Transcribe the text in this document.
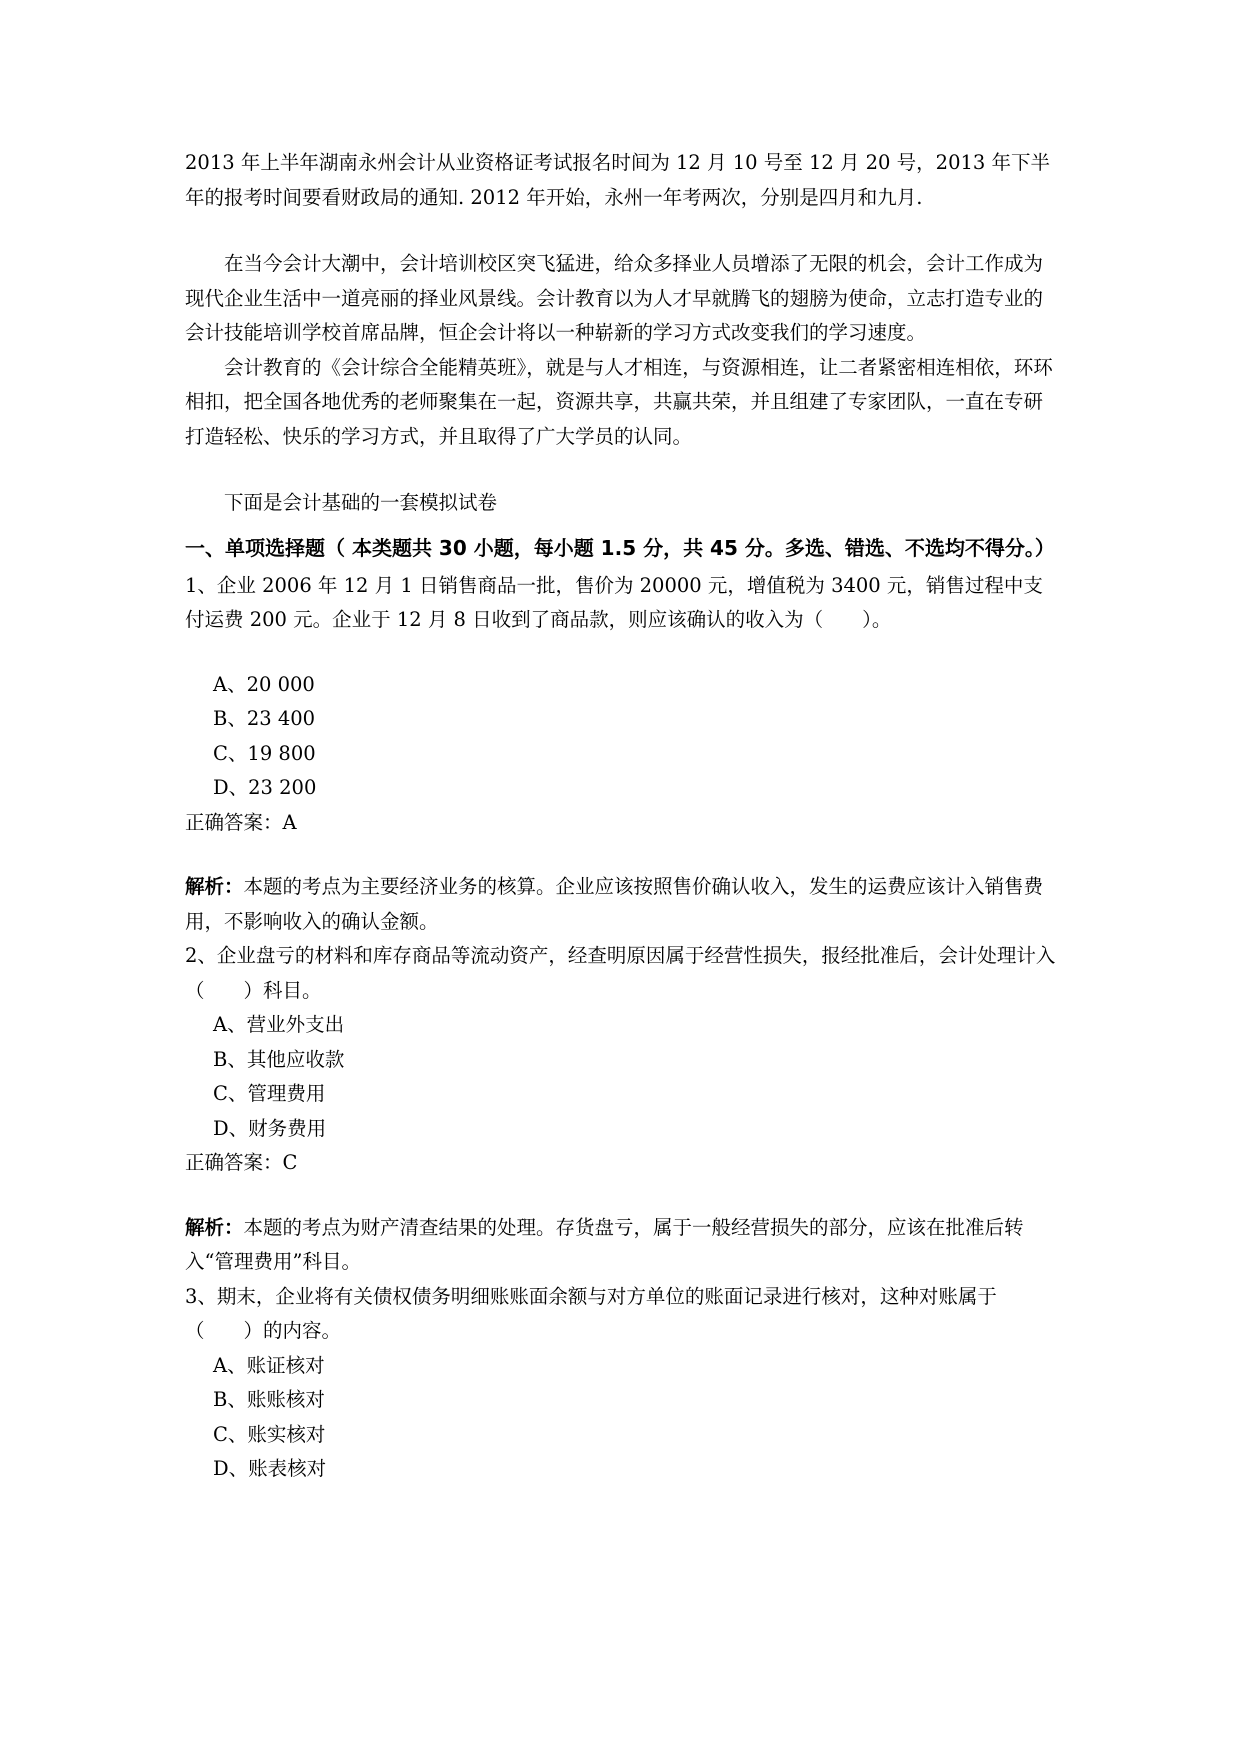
2013 年上半年湖南永州会计从业资格证考试报名时间为 12 月 10 号至 12 月 20 号，2013 年下半年的报考时间要看财政局的通知. 2012 年开始，永州一年考两次，分别是四月和九月.

在当今会计大潮中，会计培训校区突飞猛进，给众多择业人员增添了无限的机会，会计工作成为现代企业生活中一道亮丽的择业风景线。会计教育以为人才早就腾飞的翅膀为使命，立志打造专业的会计技能培训学校首席品牌，恒企会计将以一种崭新的学习方式改变我们的学习速度。

会计教育的《会计综合全能精英班》，就是与人才相连，与资源相连，让二者紧密相连相依，环环相扣，把全国各地优秀的老师聚集在一起，资源共享，共赢共荣，并且组建了专家团队，一直在专研打造轻松、快乐的学习方式，并且取得了广大学员的认同。

下面是会计基础的一套模拟试卷

一、单项选择题（ 本类题共 30 小题，每小题 1.5 分，共 45 分。多选、错选、不选均不得分。）

1、企业 2006 年 12 月 1 日销售商品一批，售价为 20000 元，增值税为 3400 元，销售过程中支付运费 200 元。企业于 12 月 8 日收到了商品款，则应该确认的收入为（　　）。

A、20 000

B、23 400

C、19 800

D、23 200

正确答案：A

解析：本题的考点为主要经济业务的核算。企业应该按照售价确认收入，发生的运费应该计入销售费用，不影响收入的确认金额。

2、企业盘亏的材料和库存商品等流动资产，经查明原因属于经营性损失，报经批准后，会计处理计入（　　）科目。

A、营业外支出

B、其他应收款

C、管理费用

D、财务费用

正确答案：C

解析：本题的考点为财产清查结果的处理。存货盘亏，属于一般经营损失的部分，应该在批准后转入“管理费用”科目。

3、期末，企业将有关债权债务明细账账面余额与对方单位的账面记录进行核对，这种对账属于（　　）的内容。

A、账证核对

B、账账核对

C、账实核对

D、账表核对
